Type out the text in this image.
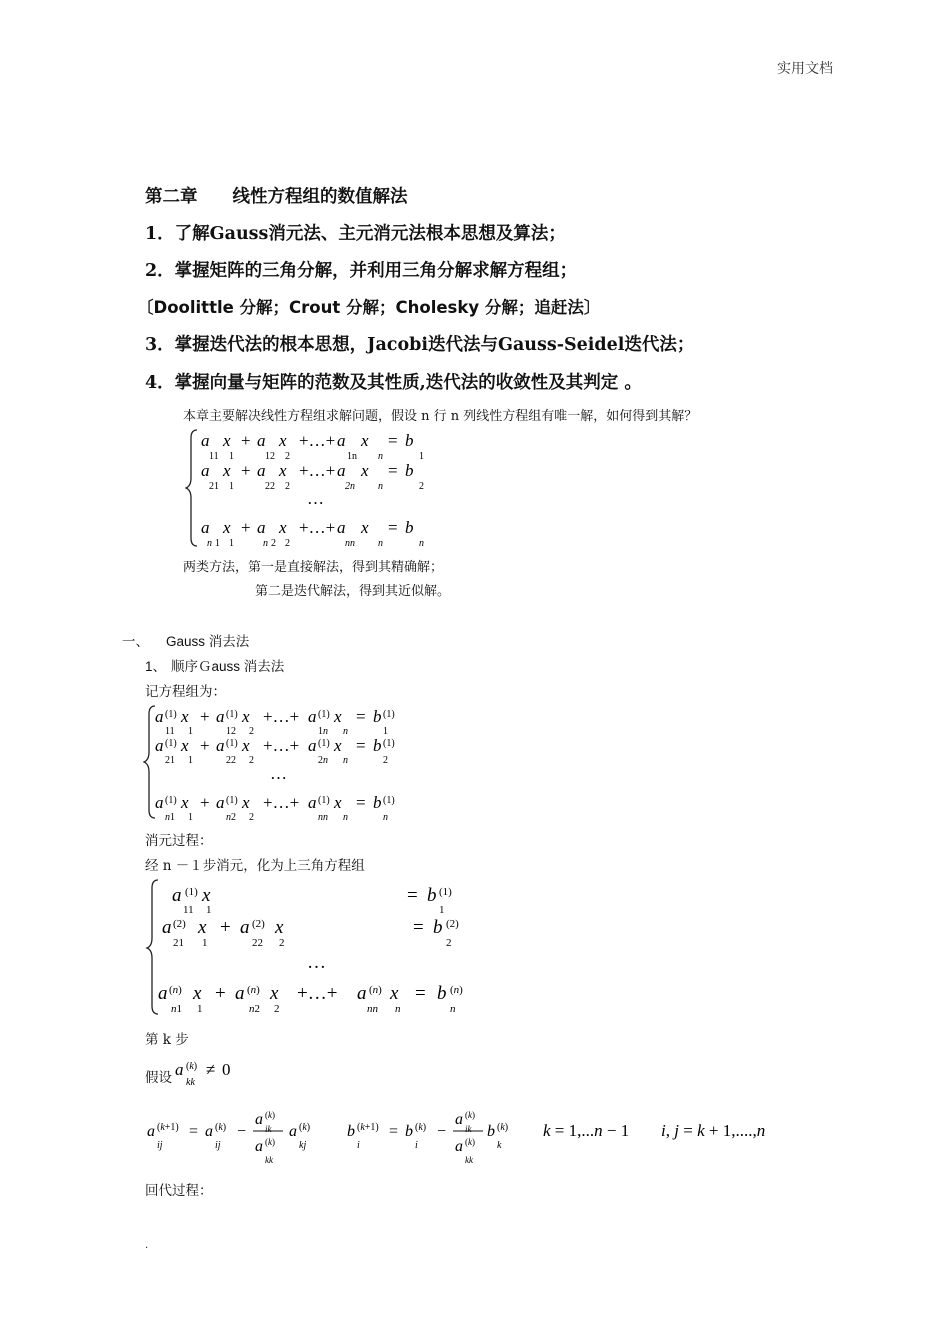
实用文档
第二章　　线性方程组的数值解法
1．了解Gauss消元法、主元消元法根本思想及算法；
2．掌握矩阵的三角分解，并利用三角分解求解方程组；
〔Doolittle 分解；Crout 分解；Cholesky 分解；追赶法〕
3．掌握迭代法的根本思想，Jacobi迭代法与Gauss-Seidel迭代法；
4．掌握向量与矩阵的范数及其性质,迭代法的收敛性及其判定 。
本章主要解决线性方程组求解问题，假设 n 行 n 列线性方程组有唯一解，如何得到其解？
a x + a x +…+ a x = b
a x + a x +…+ a x = b
…
a x + a x +…+ a x = b
11 1	12 2	1n n	1
21 1	22 2	2n n	2
n 1 1	n 2 2	nn n	n
两类方法，第一是直接解法，得到其精确解；
第二是迭代解法，得到其近似解。
一、 Gauss 消去法
1、 顺序Ｇauss 消去法
记方程组为：
a x + a x +…+ a x = b
a x + a x +…+ a x = b
…
a x + a x +…+ a x = b
(1)	(1)	(1)	(1)
(1)	(1)	(1)	(1)
(1)	(1)	(1)	(1)
11 1	12 2	1n n	1
21 1	22 2	2n n	2
n1 1	n2 2	nn n	n
消元过程：
经 n －１步消元，化为上三角方程组
a x	= b
a x + a x	= b
…
a x + a x +…+ a x = b
(1)	(1)
(2)	(2)	(2)
(n)	(n)	(n)	(n)
11 1	1
21 1	22 2	2
n1 1	n2 2	nn n	n
第 k 步
假设 a (k)
kk
≠ 0
a (k+1)
ij
= a (k)
ij
−
a (k)
ik
a (k)
kk
a (k)
kj
b (k+1)
i
= b (k)
i
−
a (k)
ik
a (k)
kk
b (k)
k
k = 1,...n − 1 i, j = k + 1,....,n
回代过程：
.
